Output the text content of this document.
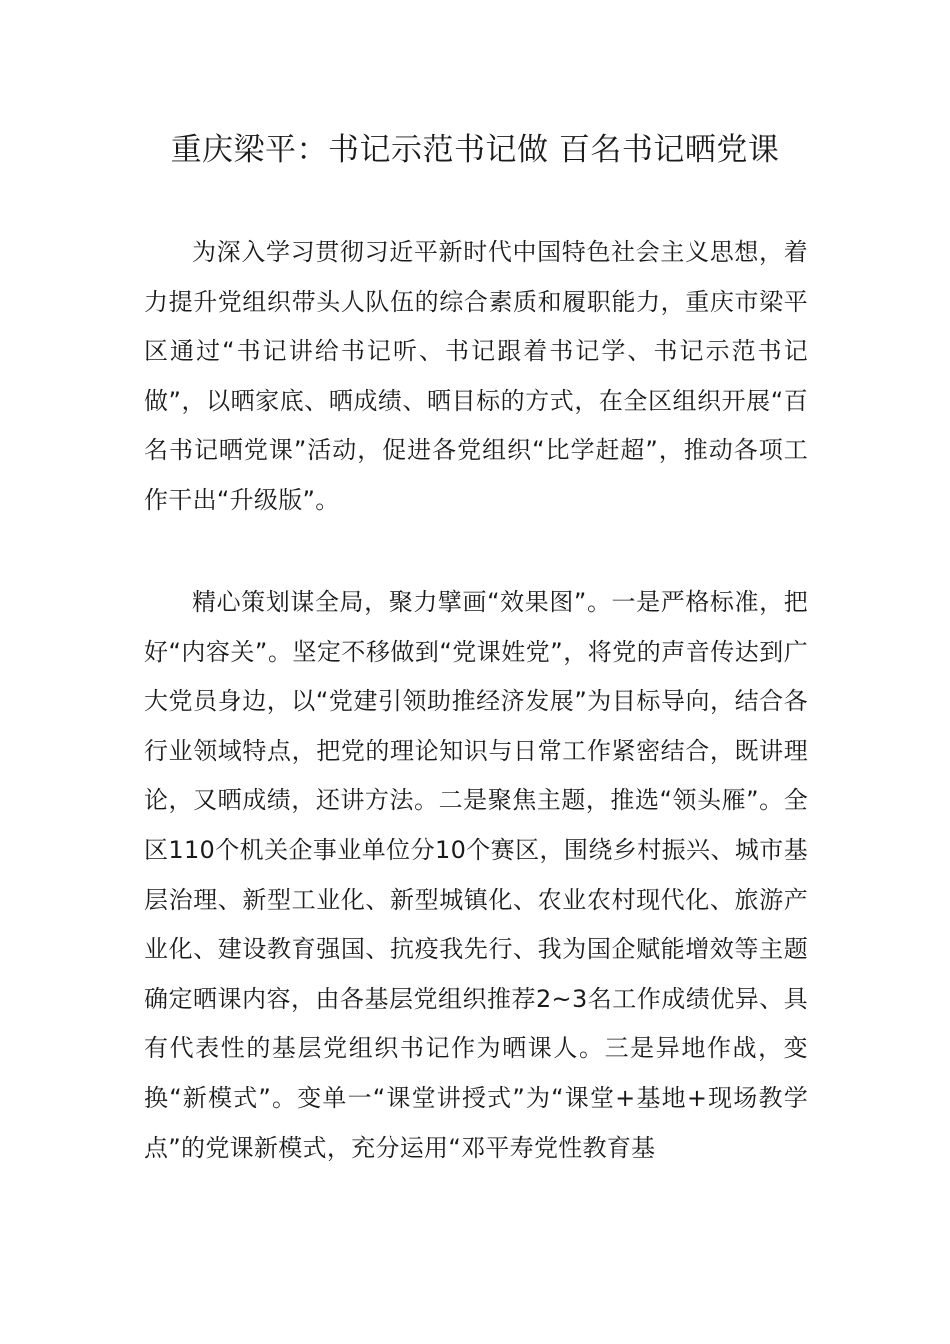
重庆梁平：书记示范书记做 百名书记晒党课

为深入学习贯彻习近平新时代中国特色社会主义思想，着力提升党组织带头人队伍的综合素质和履职能力，重庆市梁平区通过“书记讲给书记听、书记跟着书记学、书记示范书记做”，以晒家底、晒成绩、晒目标的方式，在全区组织开展“百名书记晒党课”活动，促进各党组织“比学赶超”，推动各项工作干出“升级版”。

精心策划谋全局，聚力擘画“效果图”。一是严格标准，把好“内容关”。坚定不移做到“党课姓党”，将党的声音传达到广大党员身边，以“党建引领助推经济发展”为目标导向，结合各行业领域特点，把党的理论知识与日常工作紧密结合，既讲理论，又晒成绩，还讲方法。二是聚焦主题，推选“领头雁”。全区110个机关企事业单位分10个赛区，围绕乡村振兴、城市基层治理、新型工业化、新型城镇化、农业农村现代化、旅游产业化、建设教育强国、抗疫我先行、我为国企赋能增效等主题确定晒课内容，由各基层党组织推荐2~3名工作成绩优异、具有代表性的基层党组织书记作为晒课人。三是异地作战，变换“新模式”。变单一“课堂讲授式”为“课堂+基地+现场教学点”的党课新模式，充分运用“邓平寿党性教育基
